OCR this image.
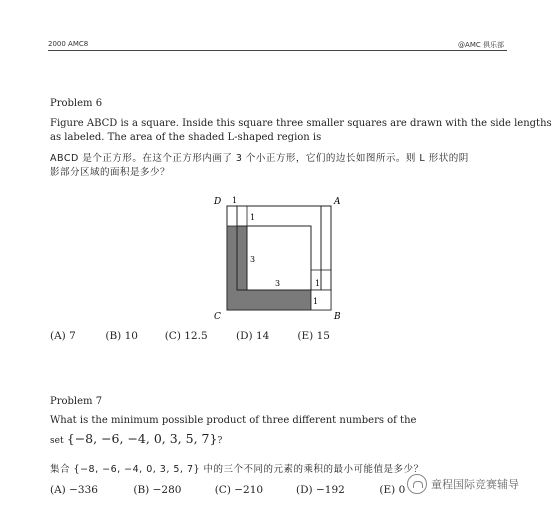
2000 AMC8	@AMC 俱乐部
Problem 6
Figure ABCD is a square. Inside this square three smaller squares are drawn with the side lengths
as labeled. The area of the shaded L-shaped region is
ABCD 是个正方形。在这个正方形内画了 3 个小正方形，它们的边长如图所示。则 L 形状的阴
影部分区域的面积是多少？
D	A
C	B
1
1
3
3	1
1
(A) 7	(B) 10	(C) 12.5	(D) 14	(E) 15
Problem 7
What is the minimum possible product of three different numbers of the
set {−8, −6, −4, 0, 3, 5, 7}?
集合 {−8, −6, −4, 0, 3, 5, 7} 中的三个不同的元素的乘积的最小可能值是多少？
(A) −336	(B) −280	(C) −210	(D) −192	(E) 0 童程国际竞赛辅导
